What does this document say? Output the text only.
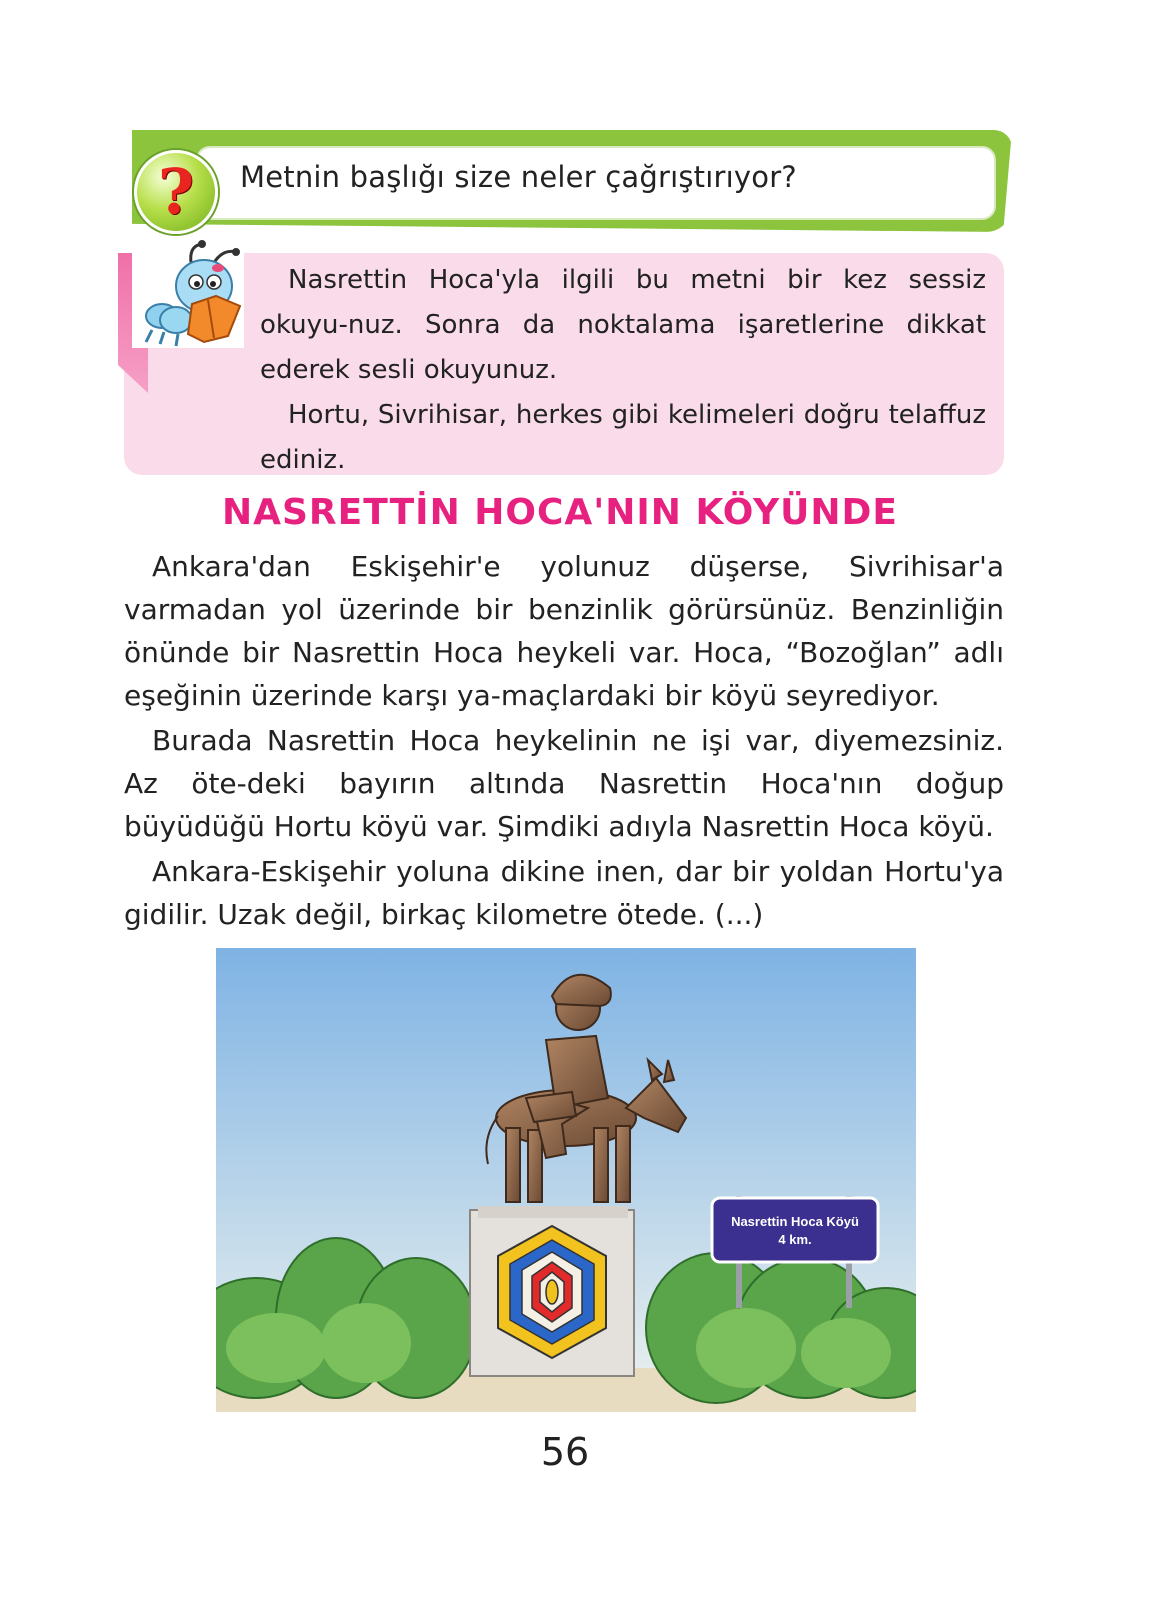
?	Metnin başlığı size neler çağrıştırıyor?

Nasrettin Hoca'yla ilgili bu metni bir kez sessiz okuyu-nuz. Sonra da noktalama işaretlerine dikkat ederek sesli okuyunuz.

Hortu, Sivrihisar, herkes gibi kelimeleri doğru telaffuz ediniz.

NASRETTİN HOCA'NIN KÖYÜNDE

Ankara'dan Eskişehir'e yolunuz düşerse, Sivrihisar'a varmadan yol üzerinde bir benzinlik görürsünüz. Benzinliğin önünde bir Nasrettin Hoca heykeli var. Hoca, “Bozoğlan” adlı eşeğinin üzerinde karşı ya-maçlardaki bir köyü seyrediyor.

Burada Nasrettin Hoca heykelinin ne işi var, diyemezsiniz. Az öte-deki bayırın altında Nasrettin Hoca'nın doğup büyüdüğü Hortu köyü var. Şimdiki adıyla Nasrettin Hoca köyü.

Ankara-Eskişehir yoluna dikine inen, dar bir yoldan Hortu'ya gidilir. Uzak değil, birkaç kilometre ötede. (...)

Nasrettin Hoca Köyü
4 km.
56
